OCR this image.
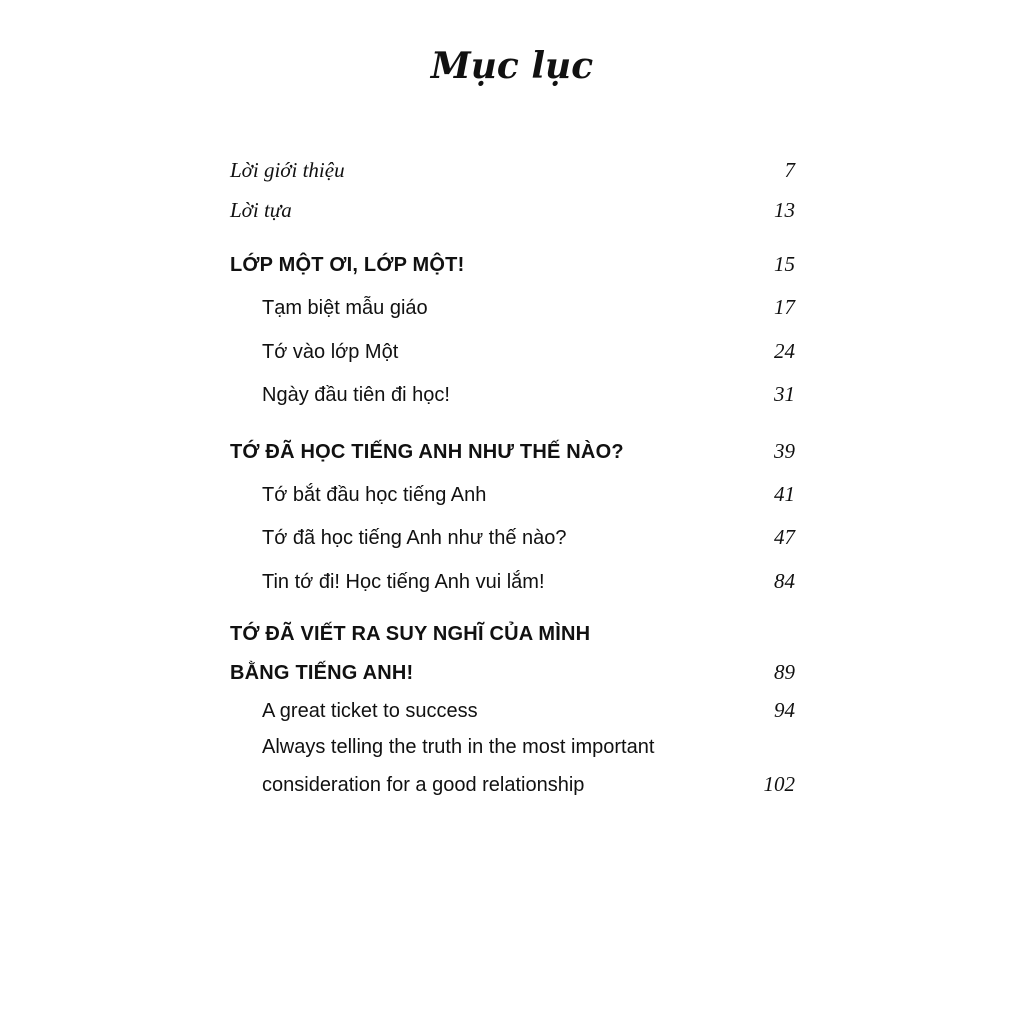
Mục lục
Lời giới thiệu	7
Lời tựa	13
LỚP MỘT ƠI, LỚP MỘT!	15
Tạm biệt mẫu giáo	17
Tớ vào lớp Một	24
Ngày đầu tiên đi học!	31
TỚ ĐÃ HỌC TIẾNG ANH NHƯ THẾ NÀO?	39
Tớ bắt đầu học tiếng Anh	41
Tớ đã học tiếng Anh như thế nào?	47
Tin tớ đi! Học tiếng Anh vui lắm!	84
TỚ ĐÃ VIẾT RA SUY NGHĨ CỦA MÌNH
BẰNG TIẾNG ANH!	89
A great ticket to success	94
Always telling the truth in the most important
consideration for a good relationship	102
